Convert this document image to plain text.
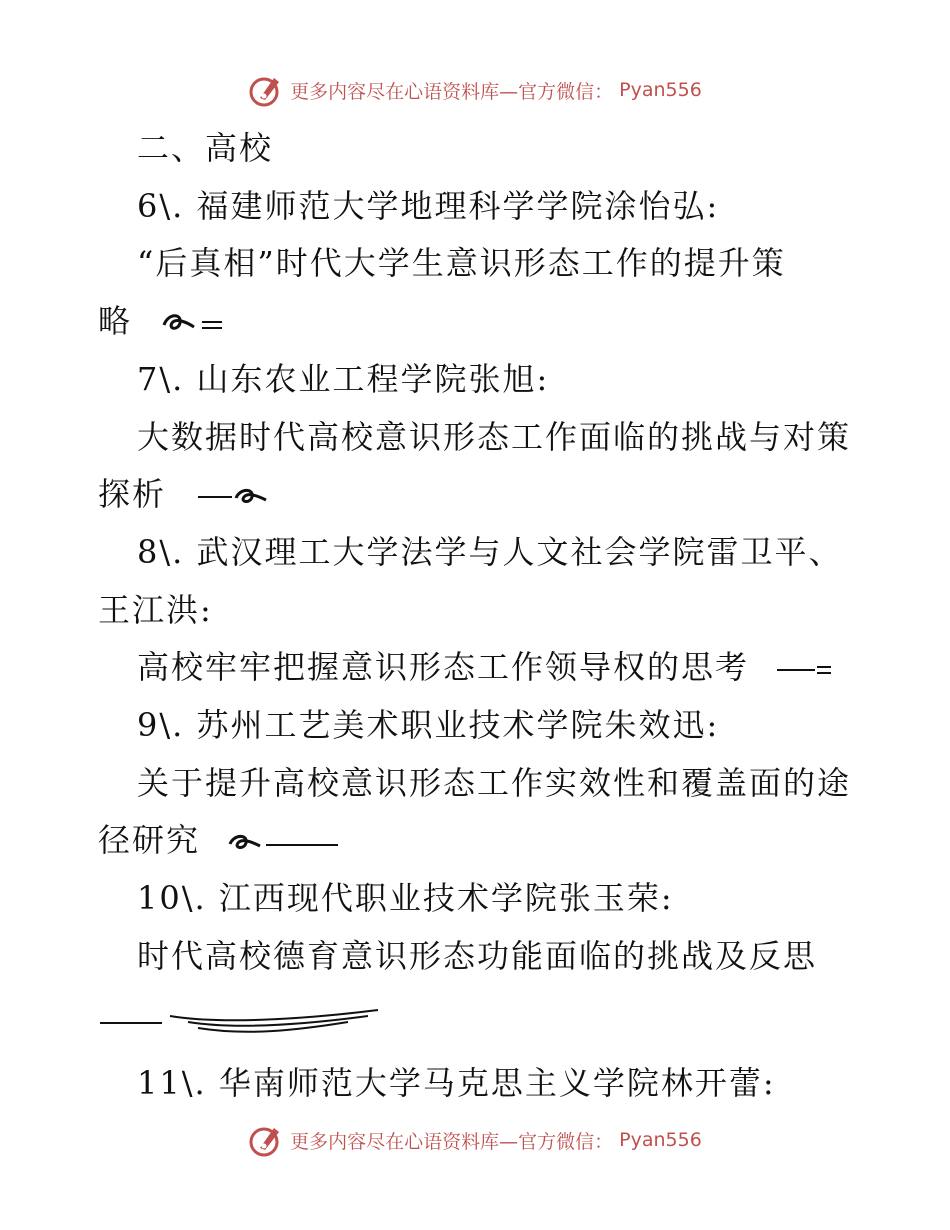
更多内容尽在心语资料库—官方微信： Pyan556
二、高校
6\. 福建师范大学地理科学学院涂怡弘:
“后真相”时代大学生意识形态工作的提升策
略
7\. 山东农业工程学院张旭:
大数据时代高校意识形态工作面临的挑战与对策
探析
8\. 武汉理工大学法学与人文社会学院雷卫平、
王江洪:
高校牢牢把握意识形态工作领导权的思考
9\. 苏州工艺美术职业技术学院朱效迅:
关于提升高校意识形态工作实效性和覆盖面的途
径研究
10\. 江西现代职业技术学院张玉荣:
时代高校德育意识形态功能面临的挑战及反思
11\. 华南师范大学马克思主义学院林开蕾:
更多内容尽在心语资料库—官方微信： Pyan556
